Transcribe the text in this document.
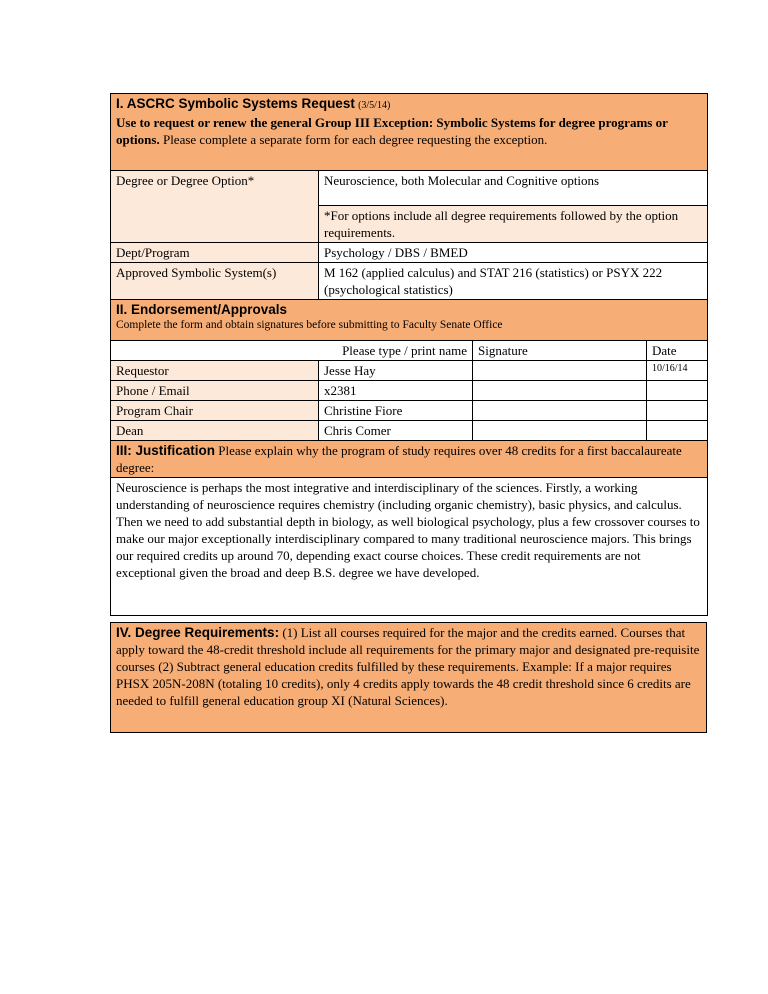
I. ASCRC Symbolic Systems Request (3/5/14)
Use to request or renew the general Group III Exception: Symbolic Systems for degree programs or options. Please complete a separate form for each degree requesting the exception.			

Degree or Degree Option*	Neuroscience, both Molecular and Cognitive options		
	*For options include all degree requirements followed by the option requirements.		
Dept/Program	Psychology / DBS / BMED		
Approved Symbolic System(s)	M 162 (applied calculus) and STAT 216 (statistics) or PSYX 222 (psychological statistics)		

II. Endorsement/Approvals
Complete the form and obtain signatures before submitting to Faculty Senate Office			

Please type / print name		Signature	Date
Requestor	Jesse Hay		10/16/14
Phone / Email	x2381		
Program Chair	Christine Fiore		
Dean	Chris Comer		
III: Justification Please explain why the program of study requires over 48 credits for a first baccalaureate degree:			
Neuroscience is perhaps the most integrative and interdisciplinary of the sciences. Firstly, a working understanding of neuroscience requires chemistry (including organic chemistry), basic physics, and calculus. Then we need to add substantial depth in biology, as well biological psychology, plus a few crossover courses to make our major exceptionally interdisciplinary compared to many traditional neuroscience majors. This brings our required credits up around 70, depending exact course choices. These credit requirements are not exceptional given the broad and deep B.S. degree we have developed.			
IV. Degree Requirements: (1) List all courses required for the major and the credits earned. Courses that apply toward the 48-credit threshold include all requirements for the primary major and designated pre-requisite courses (2) Subtract general education credits fulfilled by these requirements. Example: If a major requires PHSX 205N-208N (totaling 10 credits), only 4 credits apply towards the 48 credit threshold since 6 credits are needed to fulfill general education group XI (Natural Sciences).
